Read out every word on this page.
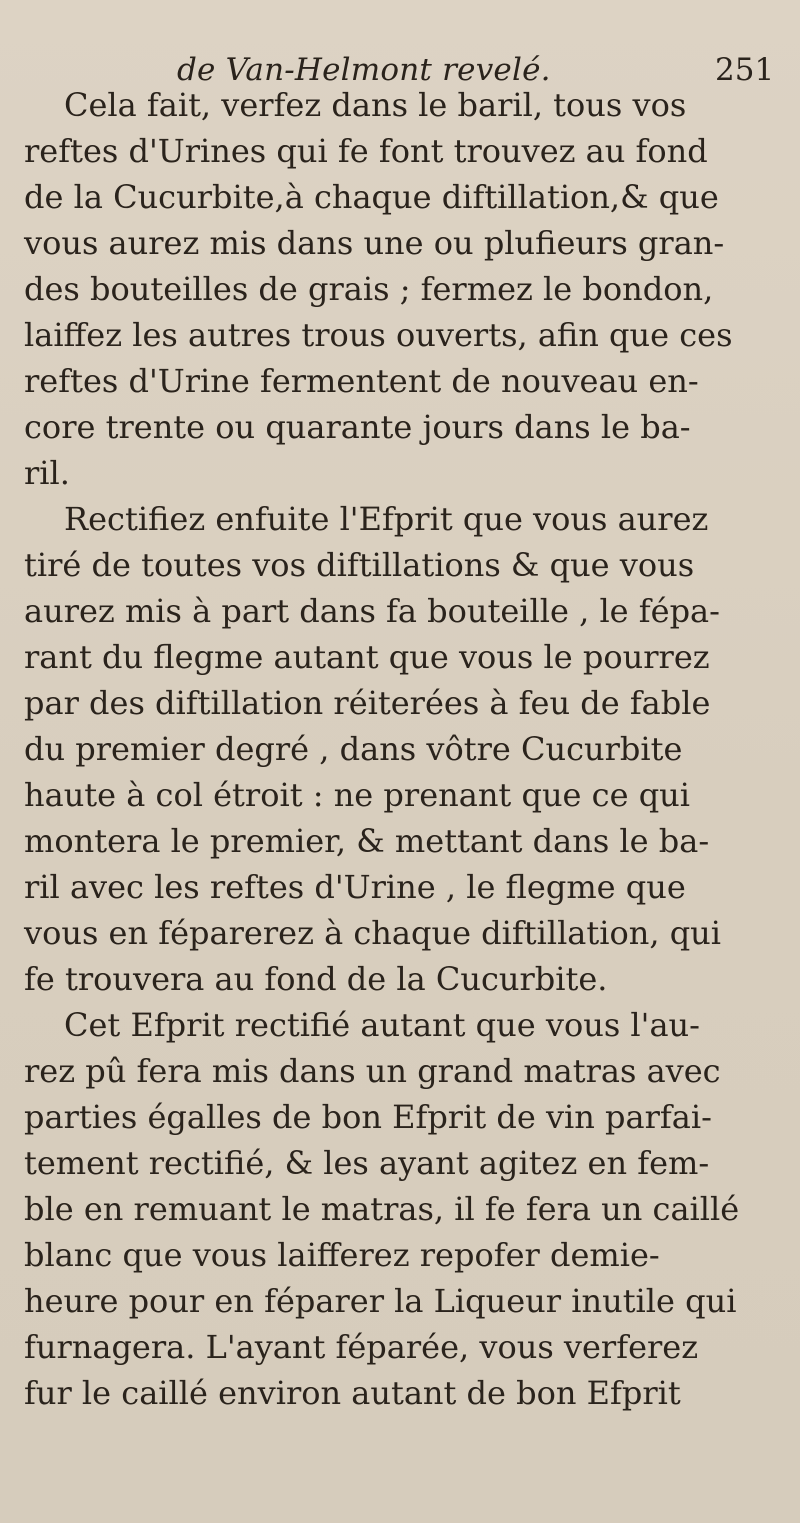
de Van-Helmont revelé.	251
Cela fait, verfez dans le baril, tous vos
reftes d'Urines qui fe font trouvez au fond
de la Cucurbite,à chaque diftillation,& que
vous aurez mis dans une ou plufieurs gran-
des bouteilles de grais ; fermez le bondon,
laiffez les autres trous ouverts, afin que ces
reftes d'Urine fermentent de nouveau en-
core trente ou quarante jours dans le ba-
ril.
Rectifiez enfuite l'Efprit que vous aurez
tiré de toutes vos diftillations & que vous
aurez mis à part dans fa bouteille , le fépa-
rant du flegme autant que vous le pourrez
par des diftillation réiterées à feu de fable
du premier degré , dans vôtre Cucurbite
haute à col étroit : ne prenant que ce qui
montera le premier, & mettant dans le ba-
ril avec les reftes d'Urine , le flegme que
vous en féparerez à chaque diftillation, qui
fe trouvera au fond de la Cucurbite.
Cet Efprit rectifié autant que vous l'au-
rez pû fera mis dans un grand matras avec
parties égalles de bon Efprit de vin parfai-
tement rectifié, & les ayant agitez en fem-
ble en remuant le matras, il fe fera un caillé
blanc que vous laifferez repofer demie-
heure pour en féparer la Liqueur inutile qui
furnagera. L'ayant féparée, vous verferez
fur le caillé environ autant de bon Efprit
